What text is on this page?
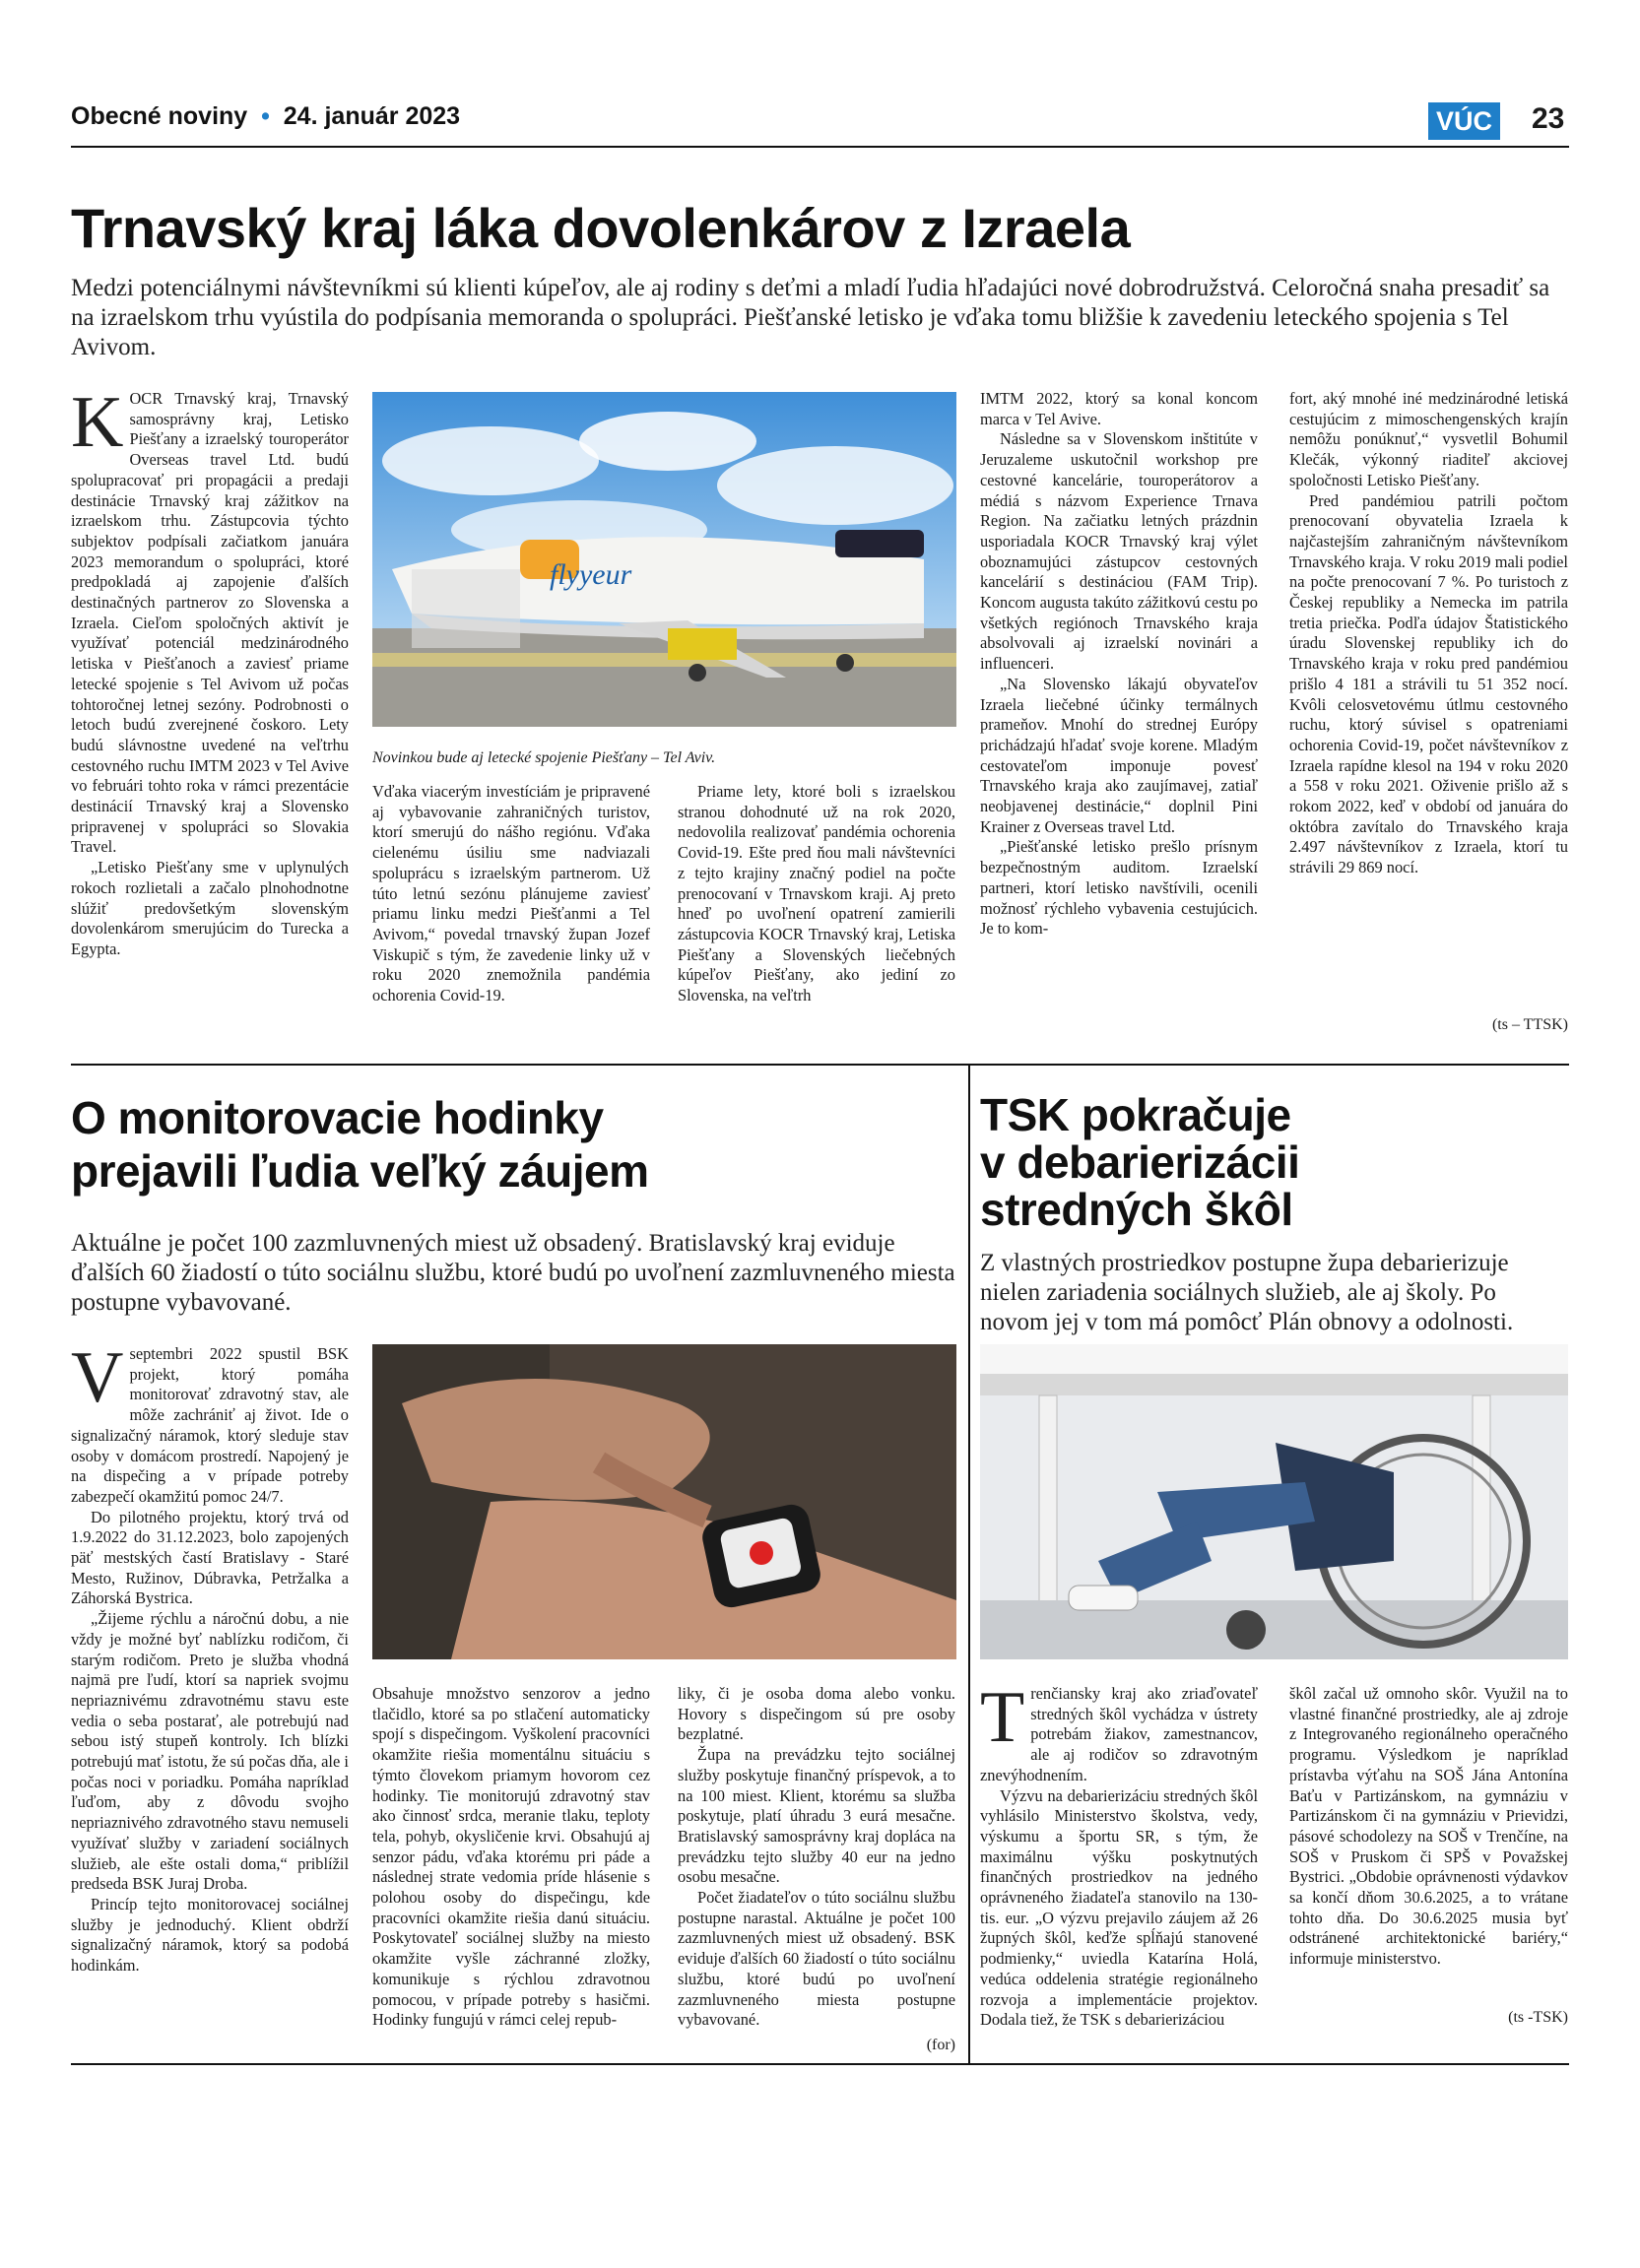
Obecné noviny  •  24. január 2023	VÚC 23
Trnavský kraj láka dovolenkárov z Izraela
Medzi potenciálnymi návštevníkmi sú klienti kúpeľov, ale aj rodiny s deťmi a mladí ľudia hľadajúci nové dobrodružstvá. Celoročná snaha presadiť sa na izraelskom trhu vyústila do podpísania memoranda o spolupráci. Piešťanské letisko je vďaka tomu bližšie k zavedeniu leteckého spojenia s Tel Avivom.

KOCR Trnavský kraj, Trnavský samosprávny kraj, Letisko Piešťany a izraelský touroperátor Overseas travel Ltd. budú spolupracovať pri propagácii a predaji destinácie Trnavský kraj zážitkov na izraelskom trhu. Zástupcovia týchto subjektov podpísali začiatkom januára 2023 memorandum o spolupráci, ktoré predpokladá aj zapojenie ďalších destinačných partnerov zo Slovenska a Izraela. Cieľom spoločných aktivít je využívať potenciál medzinárodného letiska v Piešťanoch a zaviesť priame letecké spojenie s Tel Avivom už počas tohtoročnej letnej sezóny. Podrobnosti o letoch budú zverejnené čoskoro. Lety budú slávnostne uvedené na veľtrhu cestovného ruchu IMTM 2023 v Tel Avive vo februári tohto roka v rámci prezentácie destinácií Trnavský kraj a Slovensko pripravenej v spolupráci so Slovakia Travel.

„Letisko Piešťany sme v uplynulých rokoch rozlietali a začalo plnohodnotne slúžiť predovšetkým slovenským dovolenkárom smerujúcim do Turecka a Egypta.

flyyeur
Novinkou bude aj letecké spojenie Piešťany – Tel Aviv.

Vďaka viacerým investíciám je pripravené aj vybavovanie zahraničných turistov, ktorí smerujú do nášho regiónu. Vďaka cielenému úsiliu sme nadviazali spoluprácu s izraelským partnerom. Už túto letnú sezónu plánujeme zaviesť priamu linku medzi Piešťanmi a Tel Avivom,“ povedal trnavský župan Jozef Viskupič s tým, že zavedenie linky už v roku 2020 znemožnila pandémia ochorenia Covid-19.

Priame lety, ktoré boli s izraelskou stranou dohodnuté už na rok 2020, nedovolila realizovať pandémia ochorenia Covid-19. Ešte pred ňou mali návštevníci z tejto krajiny značný podiel na počte prenocovaní v Trnavskom kraji. Aj preto hneď po uvoľnení opatrení zamierili zástupcovia KOCR Trnavský kraj, Letiska Piešťany a Slovenských liečebných kúpeľov Piešťany, ako jediní zo Slovenska, na veľtrh

IMTM 2022, ktorý sa konal koncom marca v Tel Avive.

Následne sa v Slovenskom inštitúte v Jeruzaleme uskutočnil workshop pre cestovné kancelárie, touroperátorov a médiá s názvom Experience Trnava Region. Na začiatku letných prázdnin usporiadala KOCR Trnavský kraj výlet oboznamujúci zástupcov cestovných kancelárií s destináciou (FAM Trip). Koncom augusta takúto zážitkovú cestu po všetkých regiónoch Trnavského kraja absolvovali aj izraelskí novinári a influenceri.

„Na Slovensko lákajú obyvateľov Izraela liečebné účinky termálnych prameňov. Mnohí do strednej Európy prichádzajú hľadať svoje korene. Mladým cestovateľom imponuje povesť Trnavského kraja ako zaujímavej, zatiaľ neobjavenej destinácie,“ doplnil Pini Krainer z Overseas travel Ltd.

„Piešťanské letisko prešlo prísnym bezpečnostným auditom. Izraelskí partneri, ktorí letisko navštívili, ocenili možnosť rýchleho vybavenia cestujúcich. Je to kom-

fort, aký mnohé iné medzinárodné letiská cestujúcim z mimoschengenských krajín nemôžu ponúknuť,“ vysvetlil Bohumil Klečák, výkonný riaditeľ akciovej spoločnosti Letisko Piešťany.

Pred pandémiou patrili počtom prenocovaní obyvatelia Izraela k najčastejším zahraničným návštevníkom Trnavského kraja. V roku 2019 mali podiel na počte prenocovaní 7 %. Po turistoch z Českej republiky a Nemecka im patrila tretia priečka. Podľa údajov Štatistického úradu Slovenskej republiky ich do Trnavského kraja v roku pred pandémiou prišlo 4 181 a strávili tu 51 352 nocí. Kvôli celosvetovému útlmu cestovného ruchu, ktorý súvisel s opatreniami ochorenia Covid-19, počet návštevníkov z Izraela rapídne klesol na 194 v roku 2020 a 558 v roku 2021. Oživenie prišlo až s rokom 2022, keď v období od januára do októbra zavítalo do Trnavského kraja 2.497 návštevníkov z Izraela, ktorí tu strávili 29 869 nocí.

(ts – TTSK)
O monitorovacie hodinky
prejavili ľudia veľký záujem
Aktuálne je počet 100 zazmluvnených miest už obsadený. Bratislavský kraj eviduje ďalších 60 žiadostí o túto sociálnu službu, ktoré budú po uvoľnení zazmluvneného miesta postupne vybavované.

V septembri 2022 spustil BSK projekt, ktorý pomáha monitorovať zdravotný stav, ale môže zachrániť aj život. Ide o signalizačný náramok, ktorý sleduje stav osoby v domácom prostredí. Napojený je na dispečing a v prípade potreby zabezpečí okamžitú pomoc 24/7.

Do pilotného projektu, ktorý trvá od 1.9.2022 do 31.12.2023, bolo zapojených päť mestských častí Bratislavy - Staré Mesto, Ružinov, Dúbravka, Petržalka a Záhorská Bystrica.

„Žijeme rýchlu a náročnú dobu, a nie vždy je možné byť nablízku rodičom, či starým rodičom. Preto je služba vhodná najmä pre ľudí, ktorí sa napriek svojmu nepriaznivému zdravotnému stavu este vedia o seba postarať, ale potrebujú nad sebou istý stupeň kontroly. Ich blízki potrebujú mať istotu, že sú počas dňa, ale i počas noci v poriadku. Pomáha napríklad ľuďom, aby z dôvodu svojho nepriaznivého zdravotného stavu nemuseli využívať služby v zariadení sociálnych služieb, ale ešte ostali doma,“ priblížil predseda BSK Juraj Droba.

Princíp tejto monitorovacej sociálnej služby je jednoduchý. Klient obdrží signalizačný náramok, ktorý sa podobá hodinkám.

Obsahuje množstvo senzorov a jedno tlačidlo, ktoré sa po stlačení automaticky spojí s dispečingom. Vyškolení pracovníci okamžite riešia momentálnu situáciu s týmto človekom priamym hovorom cez hodinky. Tie monitorujú zdravotný stav ako činnosť srdca, meranie tlaku, teploty tela, pohyb, okysličenie krvi. Obsahujú aj senzor pádu, vďaka ktorému pri páde a následnej strate vedomia príde hlásenie s polohou osoby do dispečingu, kde pracovníci okamžite riešia danú situáciu. Poskytovateľ sociálnej služby na miesto okamžite vyšle záchranné zložky, komunikuje s rýchlou zdravotnou pomocou, v prípade potreby s hasičmi. Hodinky fungujú v rámci celej repub-

liky, či je osoba doma alebo vonku. Hovory s dispečingom sú pre osoby bezplatné.

Župa na prevádzku tejto sociálnej služby poskytuje finančný príspevok, a to na 100 miest. Klient, ktorému sa služba poskytuje, platí úhradu 3 eurá mesačne. Bratislavský samosprávny kraj dopláca na prevádzku tejto služby 40 eur na jedno osobu mesačne.

Počet žiadateľov o túto sociálnu službu postupne narastal. Aktuálne je počet 100 zazmluvnených miest už obsadený. BSK eviduje ďalších 60 žiadostí o túto sociálnu službu, ktoré budú po uvoľnení zazmluvneného miesta postupne vybavované.

(for)
TSK pokračuje
v debarierizácii
stredných škôl
Z vlastných prostriedkov postupne župa debarierizuje nielen zariadenia sociálnych služieb, ale aj školy. Po novom jej v tom má pomôcť Plán obnovy a odolnosti.

Trenčiansky kraj ako zriaďovateľ stredných škôl vychádza v ústrety potrebám žiakov, zamestnancov, ale aj rodičov so zdravotným znevýhodnením.

Výzvu na debarierizáciu stredných škôl vyhlásilo Ministerstvo školstva, vedy, výskumu a športu SR, s tým, že maximálnu výšku poskytnutých finančných prostriedkov na jedného oprávneného žiadateľa stanovilo na 130-tis. eur. „O výzvu prejavilo záujem až 26 župných škôl, keďže spĺňajú stanovené podmienky,“ uviedla Katarína Holá, vedúca oddelenia stratégie regionálneho rozvoja a implementácie projektov. Dodala tiež, že TSK s debarierizáciou

škôl začal už omnoho skôr. Využil na to vlastné finančné prostriedky, ale aj zdroje z Integrovaného regionálneho operačného programu. Výsledkom je napríklad prístavba výťahu na SOŠ Jána Antonína Baťu v Partizánskom, na gymnáziu v Partizánskom či na gymnáziu v Prievidzi, pásové schodolezy na SOŠ v Trenčíne, na SOŠ v Pruskom či SPŠ v Považskej Bystrici. „Obdobie oprávnenosti výdavkov sa končí dňom 30.6.2025, a to vrátane tohto dňa. Do 30.6.2025 musia byť odstránené architektonické bariéry,“ informuje ministerstvo.

(ts -TSK)
